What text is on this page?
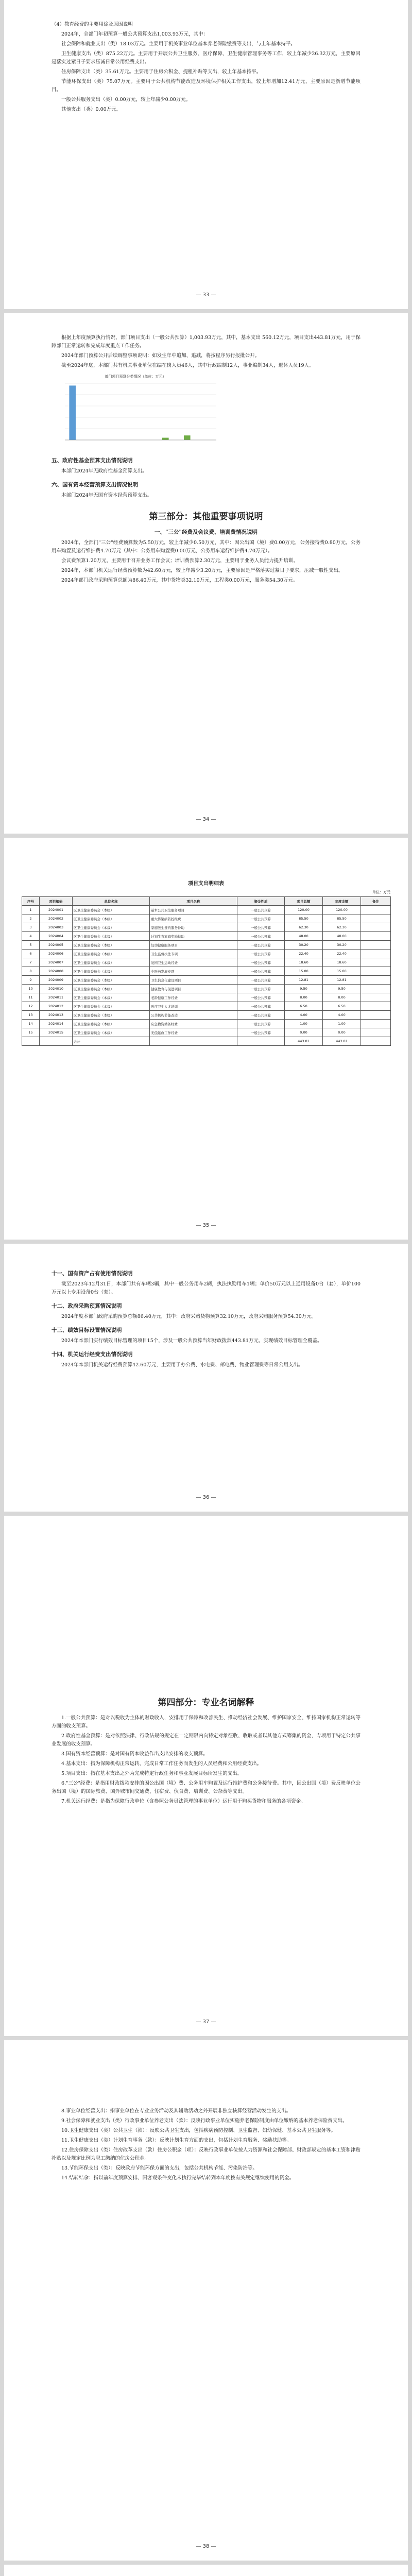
（4）教育经费的主要用途及原因说明

2024年，全部门年初预算一般公共预算支出1,003.93万元，其中：

社会保障和就业支出（类）18.03万元。主要用于机关事业单位基本养老保险缴费等支出，与上年基本持平。

卫生健康支出（类）875.22万元。主要用于开展公共卫生服务、医疗保障、卫生健康管理事务等工作，较上年减少26.32万元，主要原因是落实过紧日子要求压减日常公用经费支出。

住房保障支出（类）35.61万元。主要用于住房公积金、提租补贴等支出，较上年基本持平。

节能环保支出（类）75.07万元。主要用于公共机构节能改造及环境保护相关工作支出，较上年增加12.41万元，主要原因是新增节能项目。

一般公共服务支出（类）0.00万元，较上年减少0.00万元。

其他支出（类）0.00万元。

— 33 —

根据上年度预算执行情况，部门项目支出（一般公共预算）1,003.93万元，其中，基本支出 560.12万元，项目支出443.81万元，用于保障部门正常运转和完成年度重点工作任务。

2024年部门预算公开后续调整事项说明：如发生年中追加、追减，将按程序另行报批公开。

截至2024年底，本部门共有机关事业单位在编在岗人员46人，其中行政编制12人，事业编制34人，退休人员19人。

部门项目预算分类情况（单位：万元）
五、政府性基金预算支出情况说明

本部门2024年无政府性基金预算支出。

六、国有资本经营预算支出情况说明

本部门2024年无国有资本经营预算支出。

第三部分：其他重要事项说明
一、"三公"经费及会议费、培训费情况说明

2024年，全部门"三公"经费预算数为5.50万元，较上年减少0.50万元，其中：因公出国（境）费0.00万元，公务接待费0.80万元，公务用车购置及运行维护费4.70万元（其中：公务用车购置费0.00万元，公务用车运行维护费4.70万元）。

会议费预算1.20万元，主要用于召开业务工作会议；培训费预算2.30万元，主要用于业务人员能力提升培训。

2024年，本部门机关运行经费预算数为42.60万元，较上年减少3.20万元，主要原因是严格落实过紧日子要求，压减一般性支出。

2024年部门政府采购预算总额为86.40万元，其中货物类32.10万元，工程类0.00万元，服务类54.30万元。

— 34 —
项目支出明细表
单位：万元
序号	项目编码	单位名称	项目名称	资金性质	项目总额	年度金额	备注
1	2024001	区卫生健康委员会（本级）	基本公共卫生服务项目	一般公共预算	120.00	120.00	
2	2024002	区卫生健康委员会（本级）	重大传染病防控经费	一般公共预算	85.50	85.50	
3	2024003	区卫生健康委员会（本级）	家庭医生签约服务补助	一般公共预算	62.30	62.30	
4	2024004	区卫生健康委员会（本级）	计划生育家庭奖励扶助	一般公共预算	48.00	48.00	
5	2024005	区卫生健康委员会（本级）	妇幼健康服务项目	一般公共预算	30.20	30.20	
6	2024006	区卫生健康委员会（本级）	卫生监督执法专项	一般公共预算	22.40	22.40	
7	2024007	区卫生健康委员会（本级）	爱国卫生运动经费	一般公共预算	18.60	18.60	
8	2024008	区卫生健康委员会（本级）	中医药发展专项	一般公共预算	15.00	15.00	
9	2024009	区卫生健康委员会（本级）	卫生信息化建设项目	一般公共预算	12.81	12.81	
10	2024010	区卫生健康委员会（本级）	健康教育与促进项目	一般公共预算	9.50	9.50	
11	2024011	区卫生健康委员会（本级）	老龄健康工作经费	一般公共预算	8.00	8.00	
12	2024012	区卫生健康委员会（本级）	医疗卫生人才培训	一般公共预算	6.50	6.50	
13	2024013	区卫生健康委员会（本级）	公共机构节能改造	一般公共预算	4.00	4.00	
14	2024014	区卫生健康委员会（本级）	应急物资储备经费	一般公共预算	1.00	1.00	
15	2024015	区卫生健康委员会（本级）	无偿献血工作经费	一般公共预算	0.00	0.00	
		合计			443.81	443.81	
— 35 —
十一、国有资产占有使用情况说明

截至2023年12月31日，本部门共有车辆3辆，其中一般公务用车2辆，执法执勤用车1辆；单价50万元以上通用设备0台（套），单价100万元以上专用设备0台（套）。

十二、政府采购预算情况说明

2024年度本部门政府采购预算总额86.40万元，其中：政府采购货物预算32.10万元，政府采购服务预算54.30万元。

十三、绩效目标设置情况说明

2024年本部门实行绩效目标管理的项目15个，涉及一般公共预算当年财政拨款443.81万元，实现绩效目标管理全覆盖。

十四、机关运行经费支出情况说明

2024年本部门机关运行经费预算42.60万元，主要用于办公费、水电费、邮电费、物业管理费等日常公用支出。

— 36 —
第四部分：专业名词解释

1.一般公共预算：是对以税收为主体的财政收入，安排用于保障和改善民生、推动经济社会发展、维护国家安全、维持国家机构正常运转等方面的收支预算。

2.政府性基金预算：是对依照法律、行政法规的规定在一定期限内向特定对象征收、收取或者以其他方式筹集的资金，专项用于特定公共事业发展的收支预算。

3.国有资本经营预算：是对国有资本收益作出支出安排的收支预算。

4.基本支出：指为保障机构正常运转、完成日常工作任务而发生的人员经费和公用经费支出。

5.项目支出：指在基本支出之外为完成特定行政任务和事业发展目标所发生的支出。

6."三公"经费：是指用财政拨款安排的因公出国（境）费、公务用车购置及运行维护费和公务接待费。其中，因公出国（境）费反映单位公务出国（境）的国际旅费、国外城市间交通费、住宿费、伙食费、培训费、公杂费等支出。

7.机关运行经费：是指为保障行政单位（含参照公务员法管理的事业单位）运行用于购买货物和服务的各项资金。

— 37 —

8.事业单位经营支出：指事业单位在专业业务活动及其辅助活动之外开展非独立核算经营活动发生的支出。

9.社会保障和就业支出（类）行政事业单位养老支出（款）：反映行政事业单位实施养老保险制度由单位缴纳的基本养老保险费支出。

10.卫生健康支出（类）公共卫生（款）：反映公共卫生支出，包括疾病预防控制、卫生监督、妇幼保健、基本公共卫生服务等。

11.卫生健康支出（类）计划生育事务（款）：反映计划生育方面的支出，包括计划生育服务、奖励扶助等。

12.住房保障支出（类）住房改革支出（款）住房公积金（项）：反映行政事业单位按人力资源和社会保障部、财政部规定的基本工资和津贴补贴以及规定比例为职工缴纳的住房公积金。

13.节能环保支出（类）：反映政府节能环保方面的支出，包括公共机构节能、污染防治等。

14.结转结余：指以前年度预算安排、因客观条件变化未执行完毕结转到本年度按有关规定继续使用的资金。

— 38 —
